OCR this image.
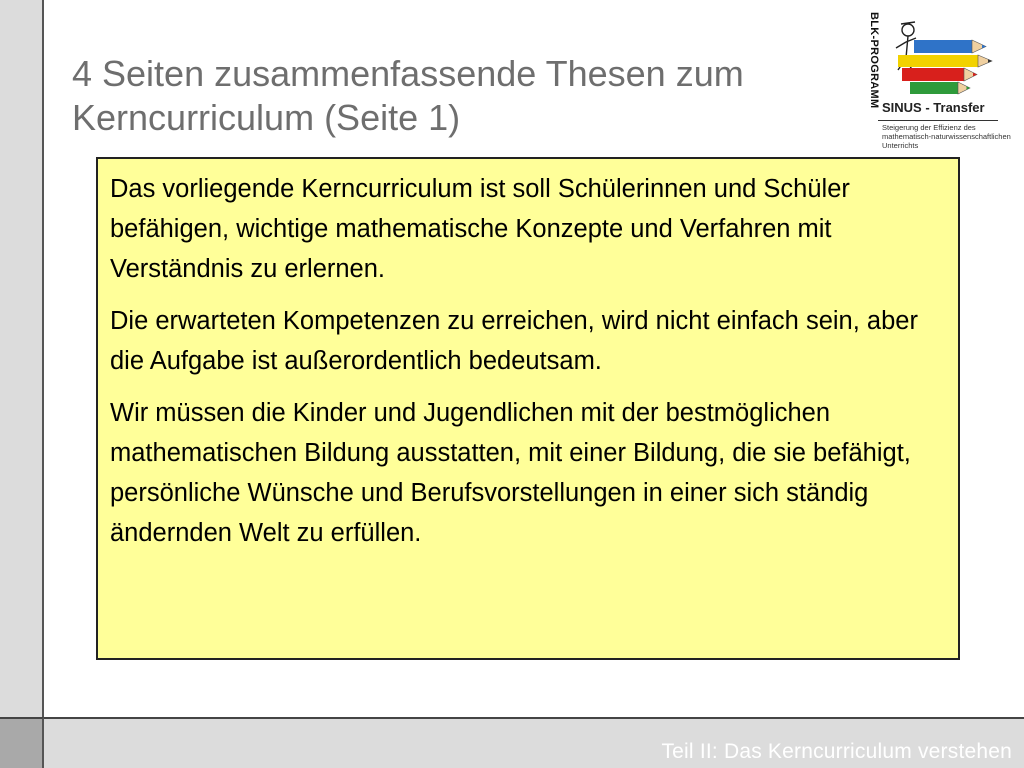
Teil II: Das Kerncurriculum verstehen
4 Seiten zusammenfassende Thesen zum
Kerncurriculum (Seite 1)
BLK-PROGRAMM SINUS - Transfer
Steigerung der Effizienz des mathematisch-naturwissenschaftlichen Unterrichts

Das vorliegende Kerncurriculum ist soll Schülerinnen und Schüler befähigen, wichtige mathematische Konzepte und Verfahren mit Verständnis zu erlernen.

Die erwarteten Kompetenzen zu erreichen, wird nicht einfach sein, aber die Aufgabe ist außerordentlich bedeutsam.

Wir müssen die Kinder und Jugendlichen mit der bestmöglichen mathematischen Bildung ausstatten, mit einer Bildung, die sie befähigt, persönliche Wünsche und Berufsvorstellungen in einer sich ständig ändernden Welt zu erfüllen.
